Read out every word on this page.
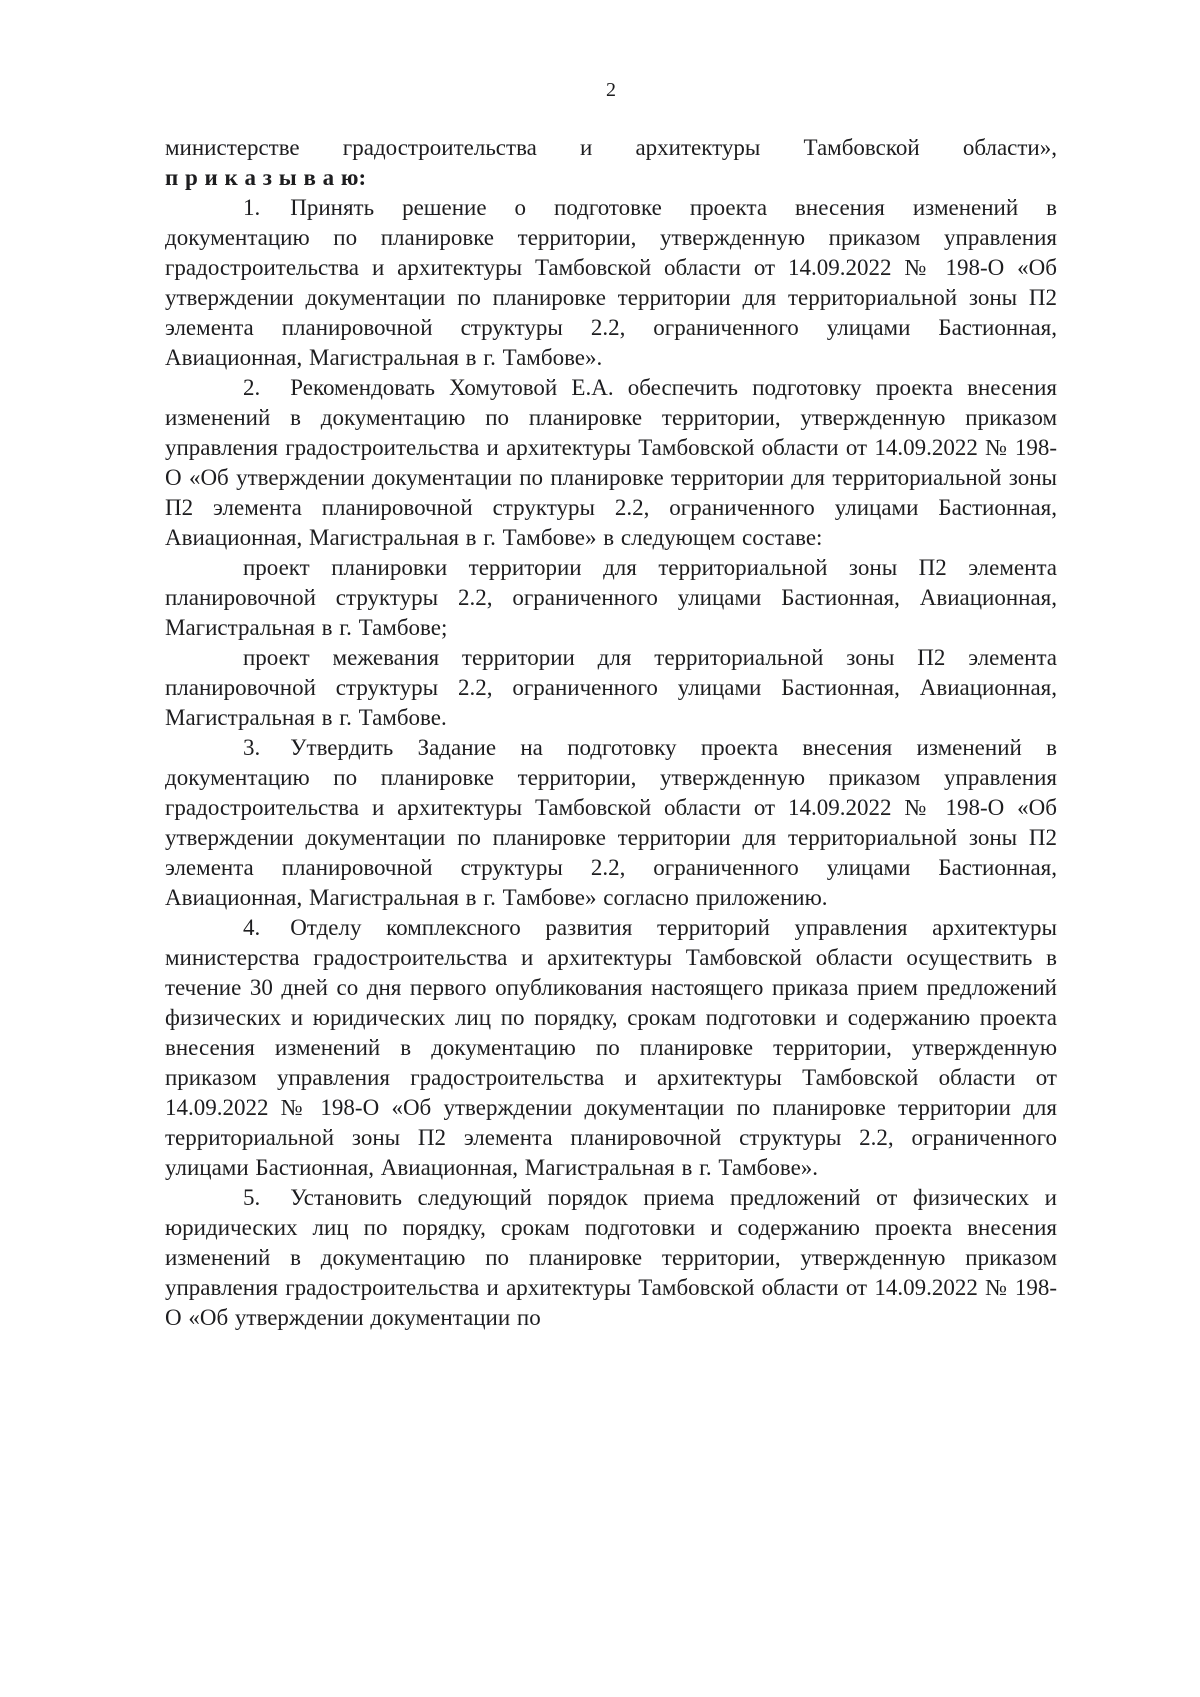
2

министерстве градостроительства и архитектуры Тамбовской области»,

п р и к а з ы в а ю:

1. Принять решение о подготовке проекта внесения изменений в документацию по планировке территории, утвержденную приказом управления градостроительства и архитектуры Тамбовской области от 14.09.2022 № 198-О «Об утверждении документации по планировке территории для территориальной зоны П2 элемента планировочной структуры 2.2, ограниченного улицами Бастионная, Авиационная, Магистральная в г. Тамбове».

2. Рекомендовать Хомутовой Е.А. обеспечить подготовку проекта внесения изменений в документацию по планировке территории, утвержденную приказом управления градостроительства и архитектуры Тамбовской области от 14.09.2022 № 198-О «Об утверждении документации по планировке территории для территориальной зоны П2 элемента планировочной структуры 2.2, ограниченного улицами Бастионная, Авиационная, Магистральная в г. Тамбове» в следующем составе:

проект планировки территории для территориальной зоны П2 элемента планировочной структуры 2.2, ограниченного улицами Бастионная, Авиационная, Магистральная в г. Тамбове;

проект межевания территории для территориальной зоны П2 элемента планировочной структуры 2.2, ограниченного улицами Бастионная, Авиационная, Магистральная в г. Тамбове.

3. Утвердить Задание на подготовку проекта внесения изменений в документацию по планировке территории, утвержденную приказом управления градостроительства и архитектуры Тамбовской области от 14.09.2022 № 198-О «Об утверждении документации по планировке территории для территориальной зоны П2 элемента планировочной структуры 2.2, ограниченного улицами Бастионная, Авиационная, Магистральная в г. Тамбове» согласно приложению.

4. Отделу комплексного развития территорий управления архитектуры министерства градостроительства и архитектуры Тамбовской области осуществить в течение 30 дней со дня первого опубликования настоящего приказа прием предложений физических и юридических лиц по порядку, срокам подготовки и содержанию проекта внесения изменений в документацию по планировке территории, утвержденную приказом управления градостроительства и архитектуры Тамбовской области от 14.09.2022 № 198-О «Об утверждении документации по планировке территории для территориальной зоны П2 элемента планировочной структуры 2.2, ограниченного улицами Бастионная, Авиационная, Магистральная в г. Тамбове».

5. Установить следующий порядок приема предложений от физических и юридических лиц по порядку, срокам подготовки и содержанию проекта внесения изменений в документацию по планировке территории, утвержденную приказом управления градостроительства и архитектуры Тамбовской области от 14.09.2022 № 198-О «Об утверждении документации по
